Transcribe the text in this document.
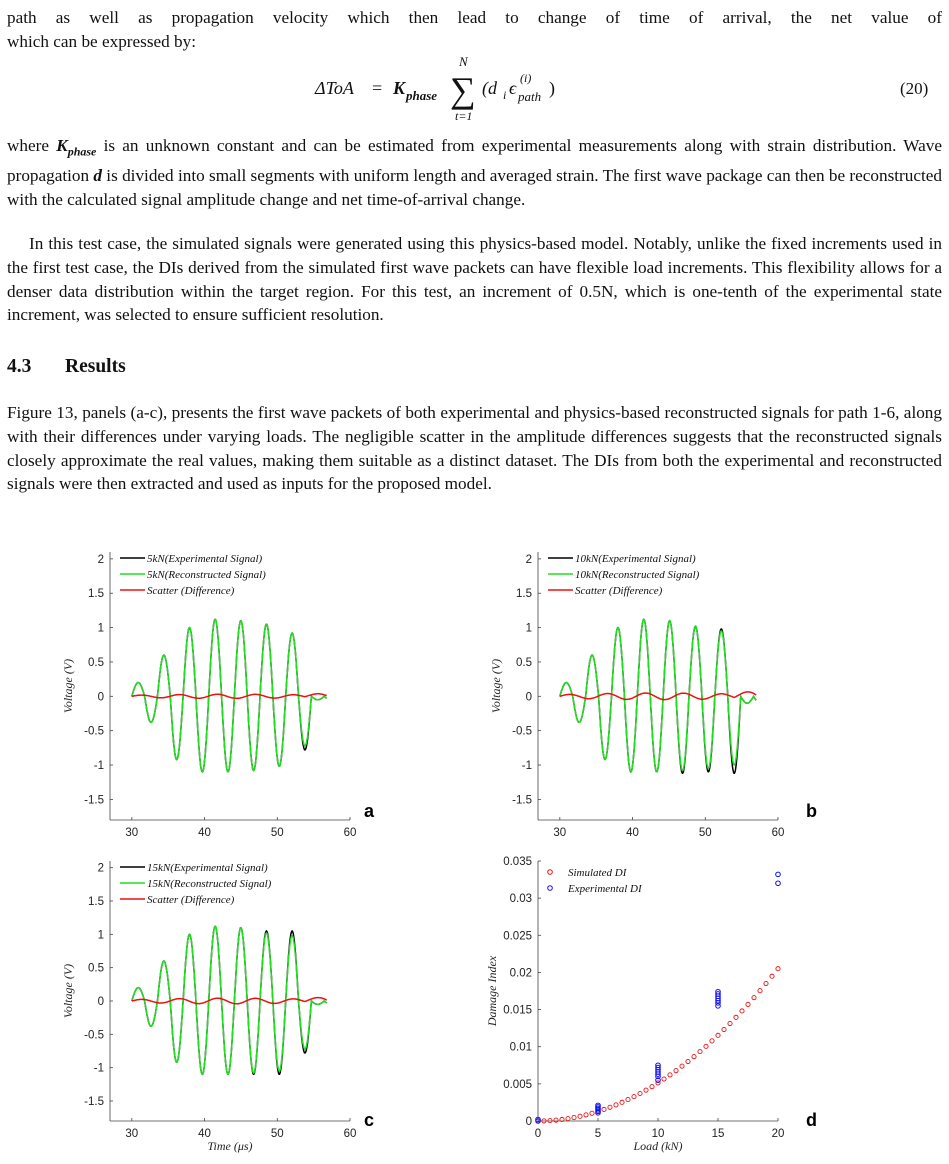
path as well as propagation velocity which then lead to change of time of arrival, the net value of
which can be expressed by:

ΔToA = K phase
N
∑
t=1
(d i ϵ (i)
path )	(20)

where $K_{phase}$ is an unknown constant and can be estimated from experimental measurements along with strain distribution. Wave propagation d is divided into small segments with uniform length and averaged strain. The first wave package can then be reconstructed with the calculated signal amplitude change and net time-of-arrival change.

In this test case, the simulated signals were generated using this physics-based model. Notably, unlike the fixed increments used in the first test case, the DIs derived from the simulated first wave packets can have flexible load increments. This flexibility allows for a denser data distribution within the target region. For this test, an increment of 0.5N, which is one-tenth of the experimental state increment, was selected to ensure sufficient resolution.

4.3 Results

Figure 13, panels (a-c), presents the first wave packets of both experimental and physics-based reconstructed signals for path 1-6, along with their differences under varying loads. The negligible scatter in the amplitude differences suggests that the reconstructed signals closely approximate the real values, making them suitable as a distinct dataset. The DIs from both the experimental and reconstructed signals were then extracted and used as inputs for the proposed model.

30	40	50	60
-1.5
-1
-0.5
0
0.5
1
1.5
2
Voltage (V)
a
5kN(Experimental Signal)
5kN(Reconstructed Signal)
Scatter (Difference)
30	40	50	60
-1.5
-1
-0.5
0
0.5
1
1.5
2
Voltage (V)
b
10kN(Experimental Signal)
10kN(Reconstructed Signal)
Scatter (Difference)
30	40	50	60
-1.5
-1
-0.5
0
0.5
1
1.5
2
Voltage (V)
Time (μs)
c
15kN(Experimental Signal)
15kN(Reconstructed Signal)
Scatter (Difference)
0	5	10	15	20
0
0.005
0.01
0.015
0.02
0.025
0.03
0.035
Damage Index
Load (kN)
d
Simulated DI
Experimental DI
